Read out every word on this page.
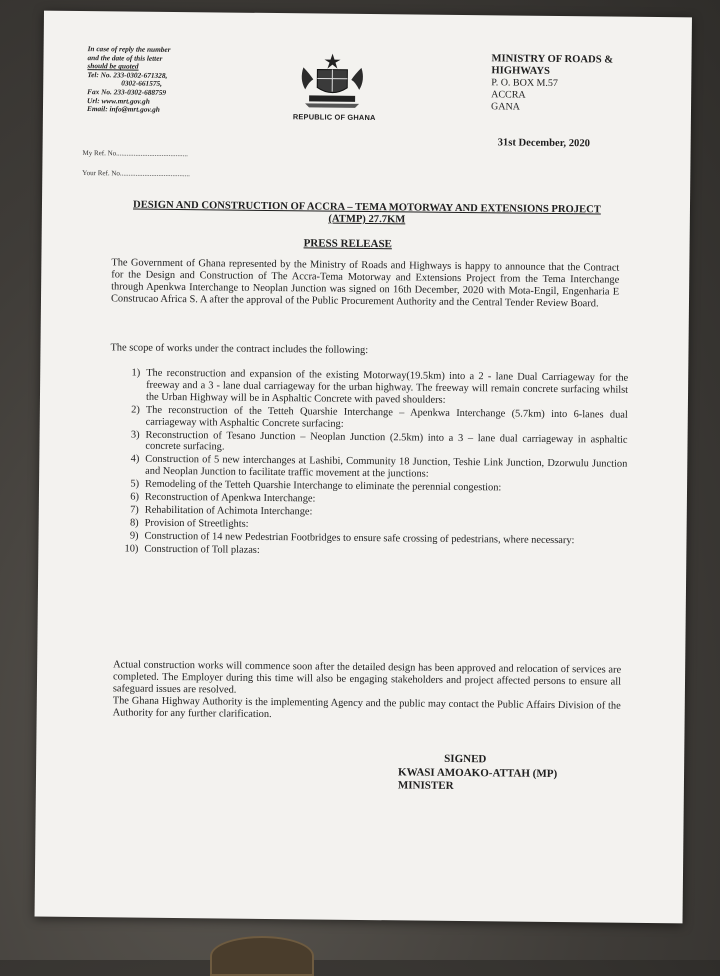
In case of reply the number
and the date of this letter
should be quoted
Tel: No. 233-0302-671328,
0302-661575,
Fax No. 233-0302-688759
Url: www.mrt.gov.gh
Email: info@mrt.gov.gh
REPUBLIC OF GHANA
MINISTRY OF ROADS &
HIGHWAYS
P. O. BOX M.57
ACCRA
GANA
31st December, 2020
My Ref. No.........................................
Your Ref. No........................................
DESIGN AND CONSTRUCTION OF ACCRA – TEMA MOTORWAY AND EXTENSIONS PROJECT (ATMP) 27.7KM
PRESS RELEASE
The Government of Ghana represented by the Ministry of Roads and Highways is happy to announce that the Contract for the Design and Construction of The Accra-Tema Motorway and Extensions Project from the Tema Interchange through Apenkwa Interchange to Neoplan Junction was signed on 16th December, 2020 with Mota-Engil, Engenharia E Construcao Africa S. A after the approval of the Public Procurement Authority and the Central Tender Review Board.
The scope of works under the contract includes the following:
1) The reconstruction and expansion of the existing Motorway(19.5km) into a 2 - lane Dual Carriageway for the freeway and a 3 - lane dual carriageway for the urban highway. The freeway will remain concrete surfacing whilst the Urban Highway will be in Asphaltic Concrete with paved shoulders:
2) The reconstruction of the Tetteh Quarshie Interchange – Apenkwa Interchange (5.7km) into 6-lanes dual carriageway with Asphaltic Concrete surfacing:
3) Reconstruction of Tesano Junction – Neoplan Junction (2.5km) into a 3 – lane dual carriageway in asphaltic concrete surfacing.
4) Construction of 5 new interchanges at Lashibi, Community 18 Junction, Teshie Link Junction, Dzorwulu Junction and Neoplan Junction to facilitate traffic movement at the junctions:
5) Remodeling of the Tetteh Quarshie Interchange to eliminate the perennial congestion:
6) Reconstruction of Apenkwa Interchange:
7) Rehabilitation of Achimota Interchange:
8) Provision of Streetlights:
9) Construction of 14 new Pedestrian Footbridges to ensure safe crossing of pedestrians, where necessary:
10) Construction of Toll plazas:
Actual construction works will commence soon after the detailed design has been approved and relocation of services are completed. The Employer during this time will also be engaging stakeholders and project affected persons to ensure all safeguard issues are resolved.
The Ghana Highway Authority is the implementing Agency and the public may contact the Public Affairs Division of the Authority for any further clarification.
SIGNED
KWASI AMOAKO-ATTAH (MP)
MINISTER
